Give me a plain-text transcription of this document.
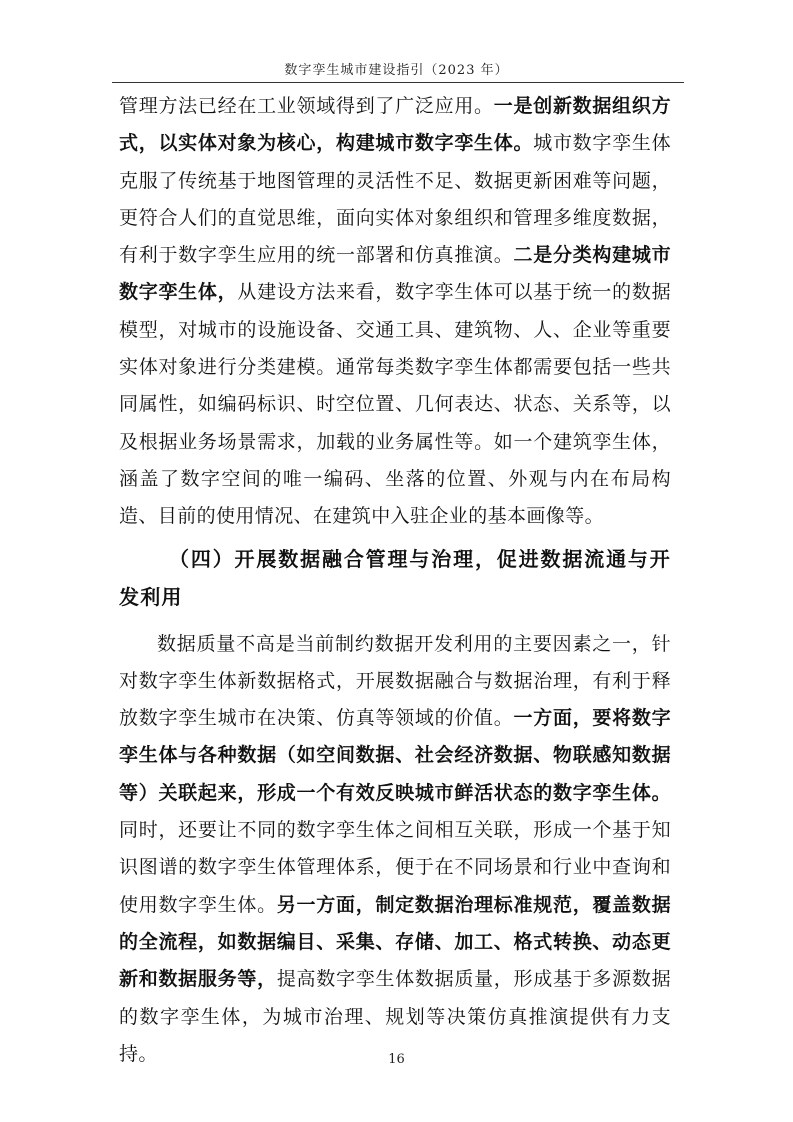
数字孪生城市建设指引（2023 年）

管理方法已经在工业领域得到了广泛应用。一是创新数据组织方式，以实体对象为核心，构建城市数字孪生体。城市数字孪生体克服了传统基于地图管理的灵活性不足、数据更新困难等问题，更符合人们的直觉思维，面向实体对象组织和管理多维度数据，有利于数字孪生应用的统一部署和仿真推演。二是分类构建城市数字孪生体，从建设方法来看，数字孪生体可以基于统一的数据模型，对城市的设施设备、交通工具、建筑物、人、企业等重要实体对象进行分类建模。通常每类数字孪生体都需要包括一些共同属性，如编码标识、时空位置、几何表达、状态、关系等，以及根据业务场景需求，加载的业务属性等。如一个建筑孪生体，涵盖了数字空间的唯一编码、坐落的位置、外观与内在布局构造、目前的使用情况、在建筑中入驻企业的基本画像等。

（四）开展数据融合管理与治理，促进数据流通与开发利用

数据质量不高是当前制约数据开发利用的主要因素之一，针对数字孪生体新数据格式，开展数据融合与数据治理，有利于释放数字孪生城市在决策、仿真等领域的价值。一方面，要将数字孪生体与各种数据（如空间数据、社会经济数据、物联感知数据等）关联起来，形成一个有效反映城市鲜活状态的数字孪生体。同时，还要让不同的数字孪生体之间相互关联，形成一个基于知识图谱的数字孪生体管理体系，便于在不同场景和行业中查询和使用数字孪生体。另一方面，制定数据治理标准规范，覆盖数据的全流程，如数据编目、采集、存储、加工、格式转换、动态更新和数据服务等，提高数字孪生体数据质量，形成基于多源数据的数字孪生体，为城市治理、规划等决策仿真推演提供有力支持。	16
